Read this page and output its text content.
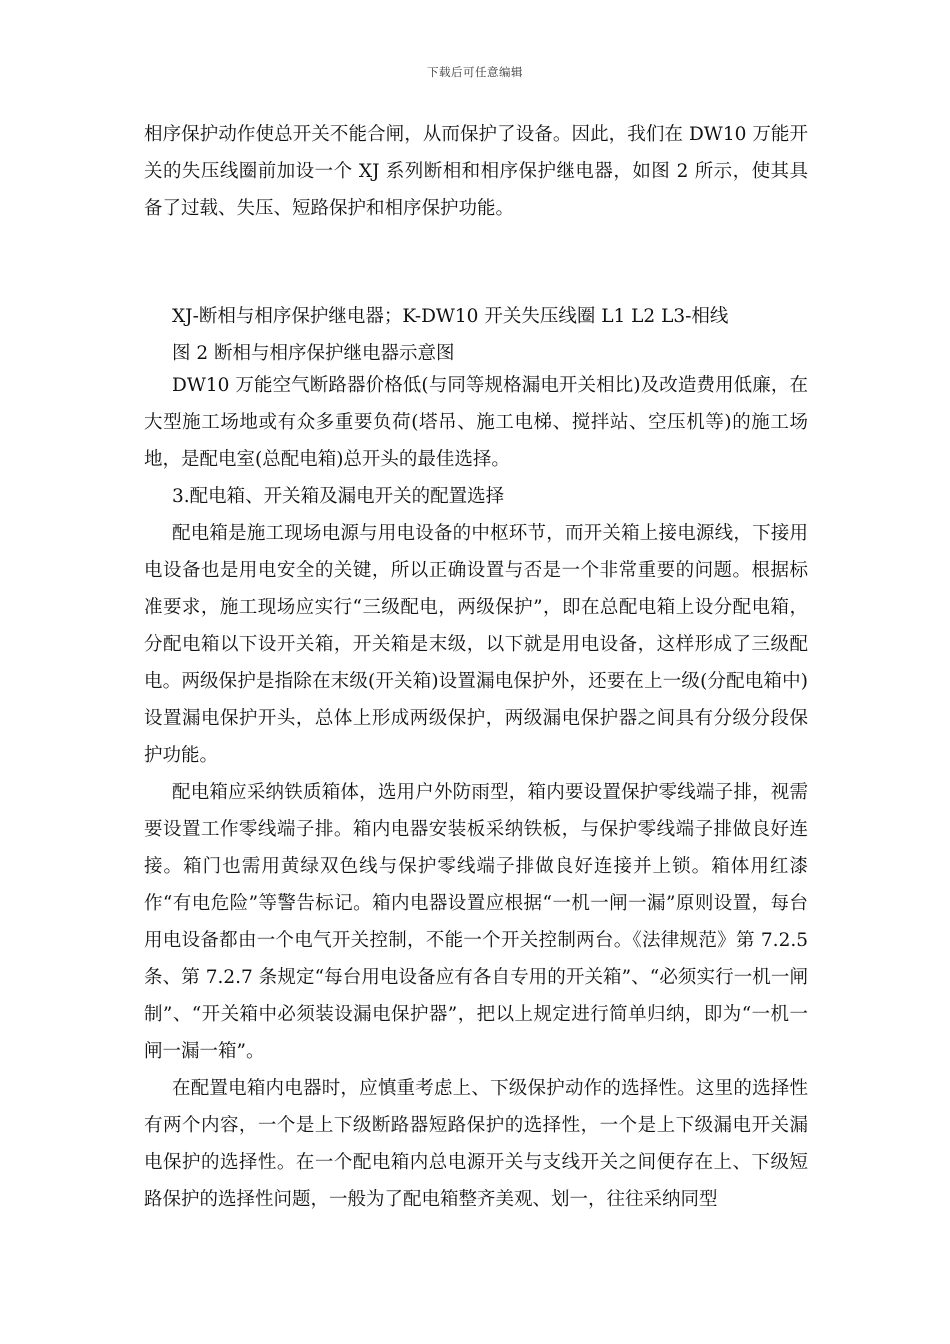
下载后可任意编辑

相序保护动作使总开关不能合闸，从而保护了设备。因此，我们在 DW10 万能开关的失压线圈前加设一个 XJ 系列断相和相序保护继电器，如图 2 所示，使其具备了过载、失压、短路保护和相序保护功能。

XJ-断相与相序保护继电器；K-DW10 开关失压线圈 L1 L2 L3-相线

图 2 断相与相序保护继电器示意图

DW10 万能空气断路器价格低(与同等规格漏电开关相比)及改造费用低廉，在大型施工场地或有众多重要负荷(塔吊、施工电梯、搅拌站、空压机等)的施工场地，是配电室(总配电箱)总开头的最佳选择。

3.配电箱、开关箱及漏电开关的配置选择

配电箱是施工现场电源与用电设备的中枢环节，而开关箱上接电源线，下接用电设备也是用电安全的关键，所以正确设置与否是一个非常重要的问题。根据标准要求，施工现场应实行“三级配电，两级保护”，即在总配电箱上设分配电箱，分配电箱以下设开关箱，开关箱是末级，以下就是用电设备，这样形成了三级配电。两级保护是指除在末级(开关箱)设置漏电保护外，还要在上一级(分配电箱中)设置漏电保护开头，总体上形成两级保护，两级漏电保护器之间具有分级分段保护功能。

配电箱应采纳铁质箱体，选用户外防雨型，箱内要设置保护零线端子排，视需要设置工作零线端子排。箱内电器安装板采纳铁板，与保护零线端子排做良好连接。箱门也需用黄绿双色线与保护零线端子排做良好连接并上锁。箱体用红漆作“有电危险”等警告标记。箱内电器设置应根据“一机一闸一漏”原则设置，每台用电设备都由一个电气开关控制，不能一个开关控制两台。《法律规范》第 7.2.5 条、第 7.2.7 条规定“每台用电设备应有各自专用的开关箱”、“必须实行一机一闸制”、“开关箱中必须装设漏电保护器”，把以上规定进行简单归纳，即为“一机一闸一漏一箱”。

在配置电箱内电器时，应慎重考虑上、下级保护动作的选择性。这里的选择性有两个内容，一个是上下级断路器短路保护的选择性，一个是上下级漏电开关漏电保护的选择性。在一个配电箱内总电源开关与支线开关之间便存在上、下级短路保护的选择性问题，一般为了配电箱整齐美观、划一，往往采纳同型
